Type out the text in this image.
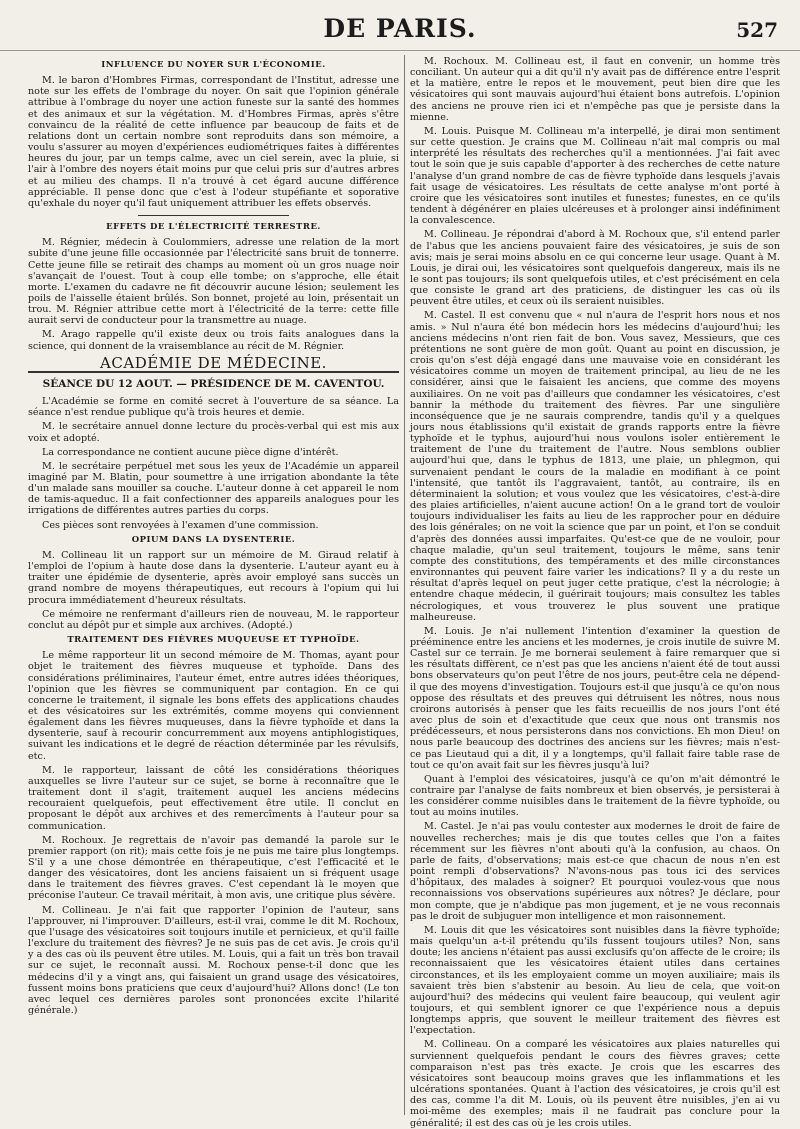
DE PARIS.	527
INFLUENCE DU NOYER SUR L'ÉCONOMIE.

M. le baron d'Hombres Firmas, correspondant de l'Institut, adresse une note sur les effets de l'ombrage du noyer. On sait que l'opinion générale attribue à l'ombrage du noyer une action funeste sur la santé des hommes et des animaux et sur la végétation. M. d'Hombres Firmas, après s'être convaincu de la réalité de cette influence par beaucoup de faits et de relations dont un certain nombre sont reproduits dans son mémoire, a voulu s'assurer au moyen d'expériences eudiométriques faites à différentes heures du jour, par un temps calme, avec un ciel serein, avec la pluie, si l'air à l'ombre des noyers était moins pur que celui pris sur d'autres arbres et au milieu des champs. Il n'a trouvé à cet égard aucune différence appréciable. Il pense donc que c'est à l'odeur stupéfiante et soporative qu'exhale du noyer qu'il faut uniquement attribuer les effets observés.

EFFETS DE L'ÉLECTRICITÉ TERRESTRE.

M. Régnier, médecin à Coulommiers, adresse une relation de la mort subite d'une jeune fille occasionnée par l'électricité sans bruit de tonnerre. Cette jeune fille se retirait des champs au moment où un gros nuage noir s'avançait de l'ouest. Tout à coup elle tombe; on s'approche, elle était morte. L'examen du cadavre ne fit découvrir aucune lésion; seulement les poils de l'aisselle étaient brûlés. Son bonnet, projeté au loin, présentait un trou. M. Régnier attribue cette mort à l'électricité de la terre: cette fille aurait servi de conducteur pour la transmettre au nuage.

M. Arago rappelle qu'il existe deux ou trois faits analogues dans la science, qui donnent de la vraisemblance au récit de M. Régnier.

ACADÉMIE DE MÉDECINE.
SÉANCE DU 12 AOUT. — PRÉSIDENCE DE M. CAVENTOU.

L'Académie se forme en comité secret à l'ouverture de sa séance. La séance n'est rendue publique qu'à trois heures et demie.

M. le secrétaire annuel donne lecture du procès-verbal qui est mis aux voix et adopté.

La correspondance ne contient aucune pièce digne d'intérêt.

M. le secrétaire perpétuel met sous les yeux de l'Académie un appareil imaginé par M. Blatin, pour soumettre à une irrigation abondante la tête d'un malade sans mouiller sa couche. L'auteur donne à cet appareil le nom de tamis-aqueduc. Il a fait confectionner des appareils analogues pour les irrigations de différentes autres parties du corps.

Ces pièces sont renvoyées à l'examen d'une commission.

OPIUM DANS LA DYSENTERIE.

M. Collineau lit un rapport sur un mémoire de M. Giraud relatif à l'emploi de l'opium à haute dose dans la dysenterie. L'auteur ayant eu à traiter une épidémie de dysenterie, après avoir employé sans succès un grand nombre de moyens thérapeutiques, eut recours à l'opium qui lui procura immédiatement d'heureux résultats.

Ce mémoire ne renfermant d'ailleurs rien de nouveau, M. le rapporteur conclut au dépôt pur et simple aux archives. (Adopté.)

TRAITEMENT DES FIÈVRES MUQUEUSE ET TYPHOÏDE.

Le même rapporteur lit un second mémoire de M. Thomas, ayant pour objet le traitement des fièvres muqueuse et typhoïde. Dans des considérations préliminaires, l'auteur émet, entre autres idées théoriques, l'opinion que les fièvres se communiquent par contagion. En ce qui concerne le traitement, il signale les bons effets des applications chaudes et des vésicatoires sur les extrémités, comme moyens qui conviennent également dans les fièvres muqueuses, dans la fièvre typhoïde et dans la dysenterie, sauf à recourir concurremment aux moyens antiphlogistiques, suivant les indications et le degré de réaction déterminée par les révulsifs, etc.

M. le rapporteur, laissant de côté les considérations théoriques auxquelles se livre l'auteur sur ce sujet, se borne à reconnaître que le traitement dont il s'agit, traitement auquel les anciens médecins recouraient quelquefois, peut effectivement être utile. Il conclut en proposant le dépôt aux archives et des remercîments à l'auteur pour sa communication.

M. Rochoux. Je regrettais de n'avoir pas demandé la parole sur le premier rapport (on rit); mais cette fois je ne puis me taire plus longtemps. S'il y a une chose démontrée en thérapeutique, c'est l'efficacité et le danger des vésicatoires, dont les anciens faisaient un si fréquent usage dans le traitement des fièvres graves. C'est cependant là le moyen que préconise l'auteur. Ce travail méritait, à mon avis, une critique plus sévère.

M. Collineau. Je n'ai fait que rapporter l'opinion de l'auteur, sans l'approuver, ni l'improuver. D'ailleurs, est-il vrai, comme le dit M. Rochoux, que l'usage des vésicatoires soit toujours inutile et pernicieux, et qu'il faille l'exclure du traitement des fièvres? Je ne suis pas de cet avis. Je crois qu'il y a des cas où ils peuvent être utiles. M. Louis, qui a fait un très bon travail sur ce sujet, le reconnaît aussi. M. Rochoux pense-t-il donc que les médecins d'il y a vingt ans, qui faisaient un grand usage des vésicatoires, fussent moins bons praticiens que ceux d'aujourd'hui? Allons donc! (Le ton avec lequel ces dernières paroles sont prononcées excite l'hilarité générale.)

M. Rochoux. M. Collineau est, il faut en convenir, un homme très conciliant. Un auteur qui a dit qu'il n'y avait pas de différence entre l'esprit et la matière, entre le repos et le mouvement, peut bien dire que les vésicatoires qui sont mauvais aujourd'hui étaient bons autrefois. L'opinion des anciens ne prouve rien ici et n'empêche pas que je persiste dans la mienne.

M. Louis. Puisque M. Collineau m'a interpellé, je dirai mon sentiment sur cette question. Je crains que M. Collineau n'ait mal compris ou mal interprété les résultats des recherches qu'il a mentionnées. J'ai fait avec tout le soin que je suis capable d'apporter à des recherches de cette nature l'analyse d'un grand nombre de cas de fièvre typhoïde dans lesquels j'avais fait usage de vésicatoires. Les résultats de cette analyse m'ont porté à croire que les vésicatoires sont inutiles et funestes; funestes, en ce qu'ils tendent à dégénérer en plaies ulcéreuses et à prolonger ainsi indéfiniment la convalescence.

M. Collineau. Je répondrai d'abord à M. Rochoux que, s'il entend parler de l'abus que les anciens pouvaient faire des vésicatoires, je suis de son avis; mais je serai moins absolu en ce qui concerne leur usage. Quant à M. Louis, je dirai oui, les vésicatoires sont quelquefois dangereux, mais ils ne le sont pas toujours; ils sont quelquefois utiles, et c'est précisément en cela que consiste le grand art des praticiens, de distinguer les cas où ils peuvent être utiles, et ceux où ils seraient nuisibles.

M. Castel. Il est convenu que « nul n'aura de l'esprit hors nous et nos amis. » Nul n'aura été bon médecin hors les médecins d'aujourd'hui; les anciens médecins n'ont rien fait de bon. Vous savez, Messieurs, que ces prétentions ne sont guère de mon goût. Quant au point en discussion, je crois qu'on s'est déjà engagé dans une mauvaise voie en considérant les vésicatoires comme un moyen de traitement principal, au lieu de ne les considérer, ainsi que le faisaient les anciens, que comme des moyens auxiliaires. On ne voit pas d'ailleurs que condamner les vésicatoires, c'est bannir la méthode du traitement des fièvres. Par une singulière inconséquence que je ne saurais comprendre, tandis qu'il y a quelques jours nous établissions qu'il existait de grands rapports entre la fièvre typhoïde et le typhus, aujourd'hui nous voulons isoler entièrement le traitement de l'une du traitement de l'autre. Nous semblons oublier aujourd'hui que, dans le typhus de 1813, une plaie, un phlegmon, qui survenaient pendant le cours de la maladie en modifiant à ce point l'intensité, que tantôt ils l'aggravaient, tantôt, au contraire, ils en déterminaient la solution; et vous voulez que les vésicatoires, c'est-à-dire des plaies artificielles, n'aient aucune action! On a le grand tort de vouloir toujours individualiser les faits au lieu de les rapprocher pour en déduire des lois générales; on ne voit la science que par un point, et l'on se conduit d'après des données aussi imparfaites. Qu'est-ce que de ne vouloir, pour chaque maladie, qu'un seul traitement, toujours le même, sans tenir compte des constitutions, des tempéraments et des mille circonstances environnantes qui peuvent faire varier les indications? Il y a du reste un résultat d'après lequel on peut juger cette pratique, c'est la nécrologie; à entendre chaque médecin, il guérirait toujours; mais consultez les tables nécrologiques, et vous trouverez le plus souvent une pratique malheureuse.

M. Louis. Je n'ai nullement l'intention d'examiner la question de prééminence entre les anciens et les modernes, je crois inutile de suivre M. Castel sur ce terrain. Je me bornerai seulement à faire remarquer que si les résultats diffèrent, ce n'est pas que les anciens n'aient été de tout aussi bons observateurs qu'on peut l'être de nos jours, peut-être cela ne dépend-il que des moyens d'investigation. Toujours est-il que jusqu'à ce qu'on nous oppose des résultats et des preuves qui détruisent les nôtres, nous nous croirons autorisés à penser que les faits recueillis de nos jours l'ont été avec plus de soin et d'exactitude que ceux que nous ont transmis nos prédécesseurs, et nous persisterons dans nos convictions. Eh mon Dieu! on nous parle beaucoup des doctrines des anciens sur les fièvres; mais n'est-ce pas Lieutaud qui a dit, il y a longtemps, qu'il fallait faire table rase de tout ce qu'on avait fait sur les fièvres jusqu'à lui?

Quant à l'emploi des vésicatoires, jusqu'à ce qu'on m'ait démontré le contraire par l'analyse de faits nombreux et bien observés, je persisterai à les considérer comme nuisibles dans le traitement de la fièvre typhoïde, ou tout au moins inutiles.

M. Castel. Je n'ai pas voulu contester aux modernes le droit de faire de nouvelles recherches; mais je dis que toutes celles que l'on a faites récemment sur les fièvres n'ont abouti qu'à la confusion, au chaos. On parle de faits, d'observations; mais est-ce que chacun de nous n'en est point rempli d'observations? N'avons-nous pas tous ici des services d'hôpitaux, des malades à soigner? Et pourquoi voulez-vous que nous reconnaissions vos observations supérieures aux nôtres? Je déclare, pour mon compte, que je n'abdique pas mon jugement, et je ne vous reconnais pas le droit de subjuguer mon intelligence et mon raisonnement.

M. Louis dit que les vésicatoires sont nuisibles dans la fièvre typhoïde; mais quelqu'un a-t-il prétendu qu'ils fussent toujours utiles? Non, sans doute; les anciens n'étaient pas aussi exclusifs qu'on affecte de le croire; ils reconnaissaient que les vésicatoires étaient utiles dans certaines circonstances, et ils les employaient comme un moyen auxiliaire; mais ils savaient très bien s'abstenir au besoin. Au lieu de cela, que voit-on aujourd'hui? des médecins qui veulent faire beaucoup, qui veulent agir toujours, et qui semblent ignorer ce que l'expérience nous a depuis longtemps appris, que souvent le meilleur traitement des fièvres est l'expectation.

M. Collineau. On a comparé les vésicatoires aux plaies naturelles qui surviennent quelquefois pendant le cours des fièvres graves; cette comparaison n'est pas très exacte. Je crois que les escarres des vésicatoires sont beaucoup moins graves que les inflammations et les ulcérations spontanées. Quant à l'action des vésicatoires, je crois qu'il est des cas, comme l'a dit M. Louis, où ils peuvent être nuisibles, j'en ai vu moi-même des exemples; mais il ne faudrait pas conclure pour la généralité; il est des cas où je les crois utiles.
